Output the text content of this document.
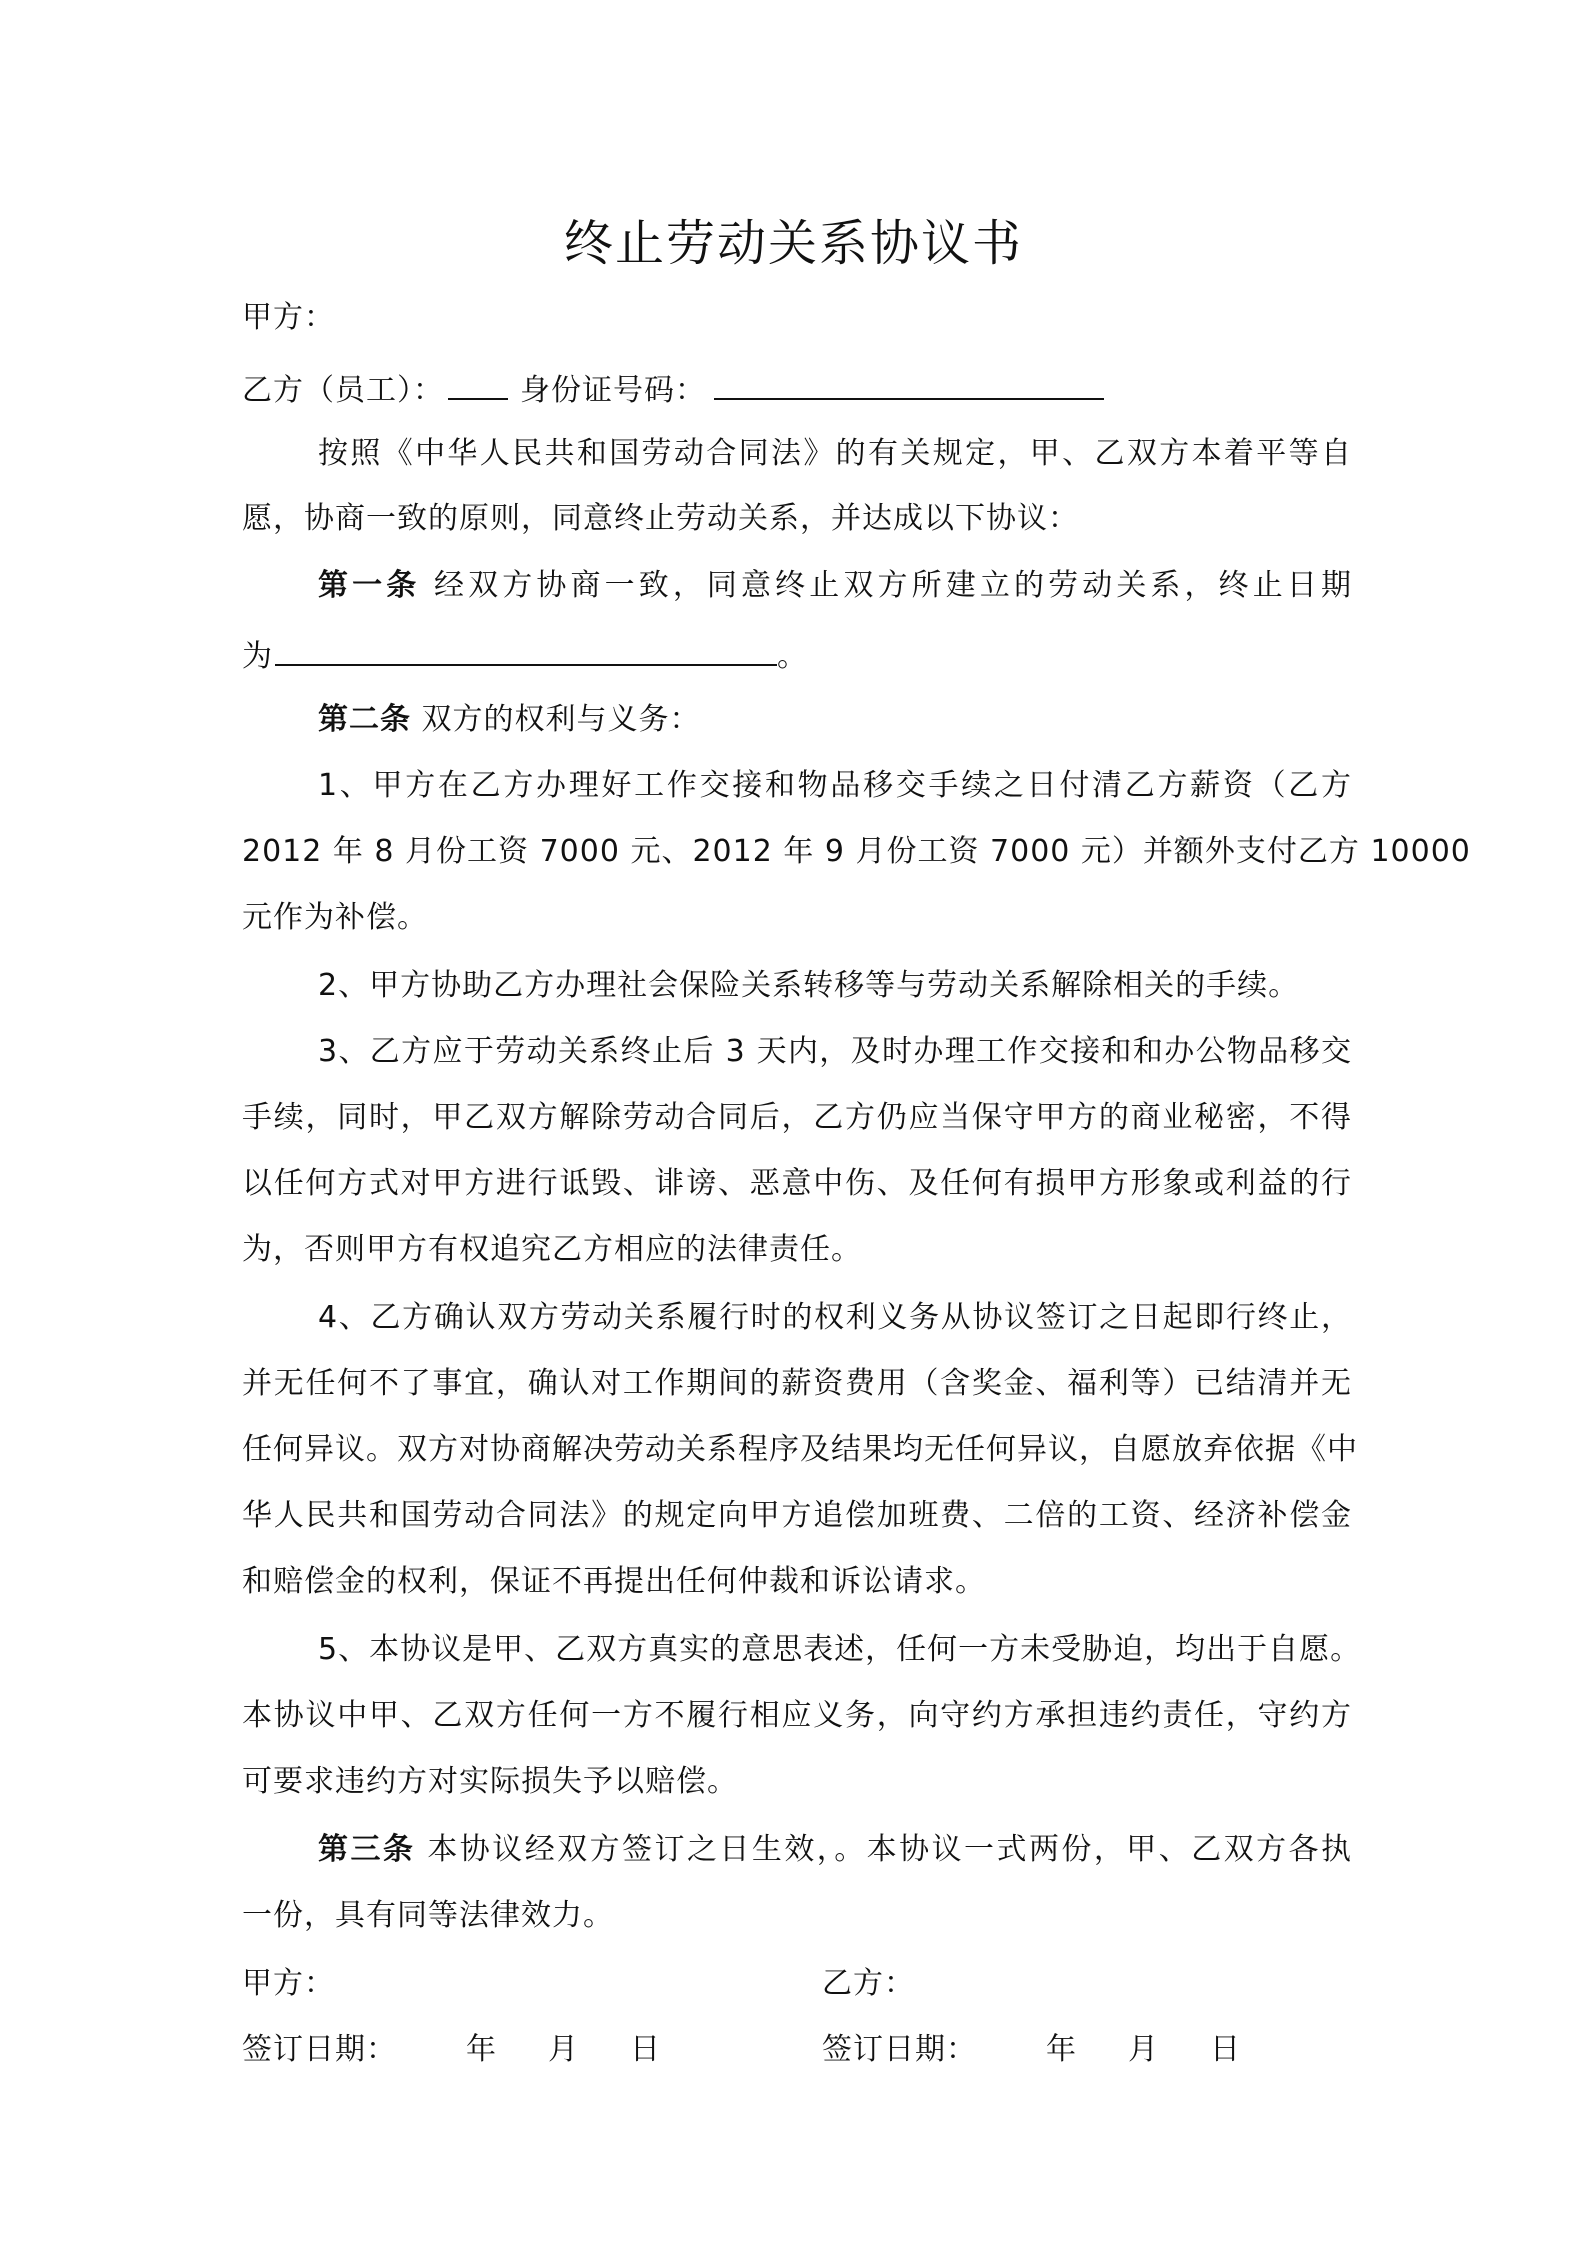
终止劳动关系协议书
甲方：
乙方（员工）：	身份证号码：
按照《中华人民共和国劳动合同法》的有关规定，甲、乙双方本着平等自
愿，协商一致的原则，同意终止劳动关系，并达成以下协议：
第一条 经双方协商一致，同意终止双方所建立的劳动关系，终止日期
为	。
第二条 双方的权利与义务：
1、甲方在乙方办理好工作交接和物品移交手续之日付清乙方薪资（乙方
2012 年 8 月份工资 7000 元、2012 年 9 月份工资 7000 元）并额外支付乙方 10000
元作为补偿。
2、甲方协助乙方办理社会保险关系转移等与劳动关系解除相关的手续。
3、乙方应于劳动关系终止后 3 天内，及时办理工作交接和和办公物品移交
手续，同时，甲乙双方解除劳动合同后，乙方仍应当保守甲方的商业秘密，不得
以任何方式对甲方进行诋毁、诽谤、恶意中伤、及任何有损甲方形象或利益的行
为，否则甲方有权追究乙方相应的法律责任。
4、乙方确认双方劳动关系履行时的权利义务从协议签订之日起即行终止，
并无任何不了事宜，确认对工作期间的薪资费用（含奖金、福利等）已结清并无
任何异议。双方对协商解决劳动关系程序及结果均无任何异议，自愿放弃依据《中
华人民共和国劳动合同法》的规定向甲方追偿加班费、二倍的工资、经济补偿金
和赔偿金的权利，保证不再提出任何仲裁和诉讼请求。
5、本协议是甲、乙双方真实的意思表述，任何一方未受胁迫，均出于自愿。
本协议中甲、乙双方任何一方不履行相应义务，向守约方承担违约责任，守约方
可要求违约方对实际损失予以赔偿。
第三条 本协议经双方签订之日生效，。本协议一式两份，甲、乙双方各执
一份，具有同等法律效力。
甲方：	乙方：
签订日期： 年 月 日	签订日期： 年 月 日
